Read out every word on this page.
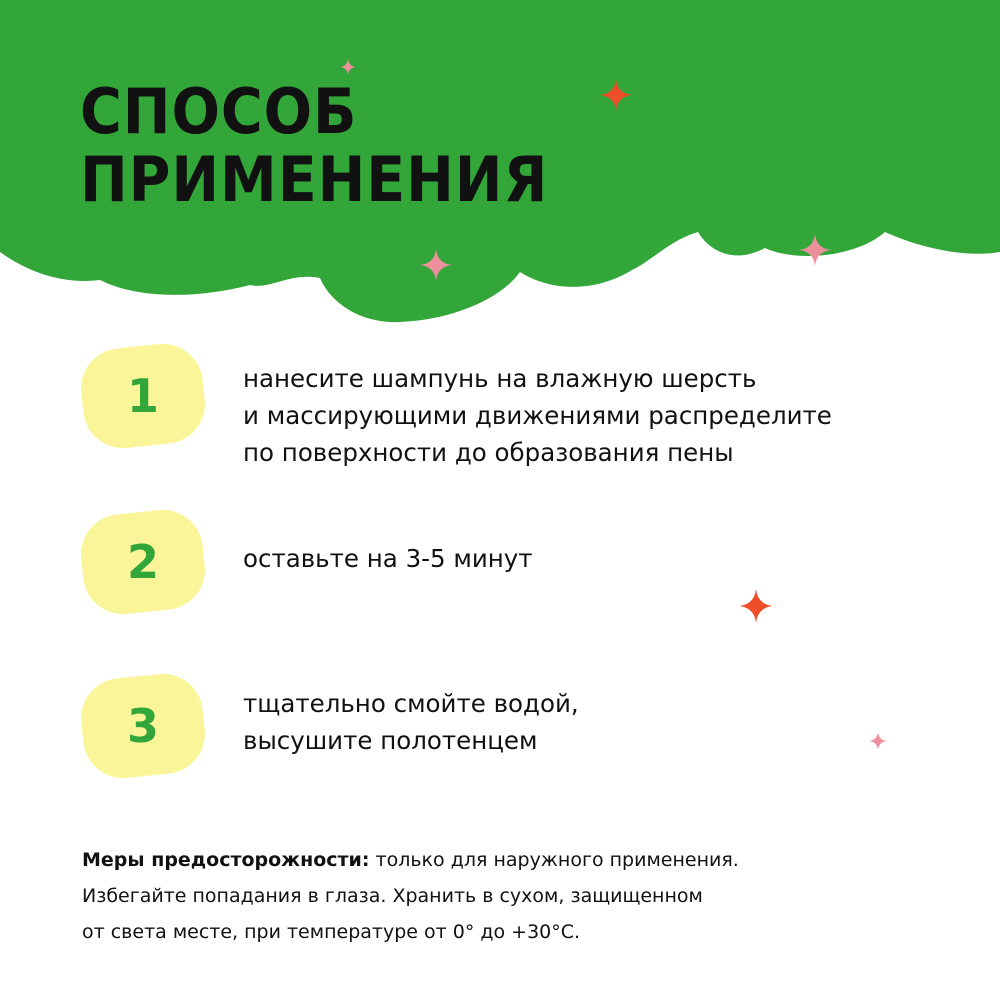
СПОСОБ
ПРИМЕНЕНИЯ
1	нанесите шампунь на влажную шерсть
и массирующими движениями распределите
по поверхности до образования пены

2	оставьте на 3-5 минут

3	тщательно смойте водой,
высушите полотенцем

Меры предосторожности: только для наружного применения.
Избегайте попадания в глаза. Хранить в сухом, защищенном
от света месте, при температуре от 0° до +30°C.
